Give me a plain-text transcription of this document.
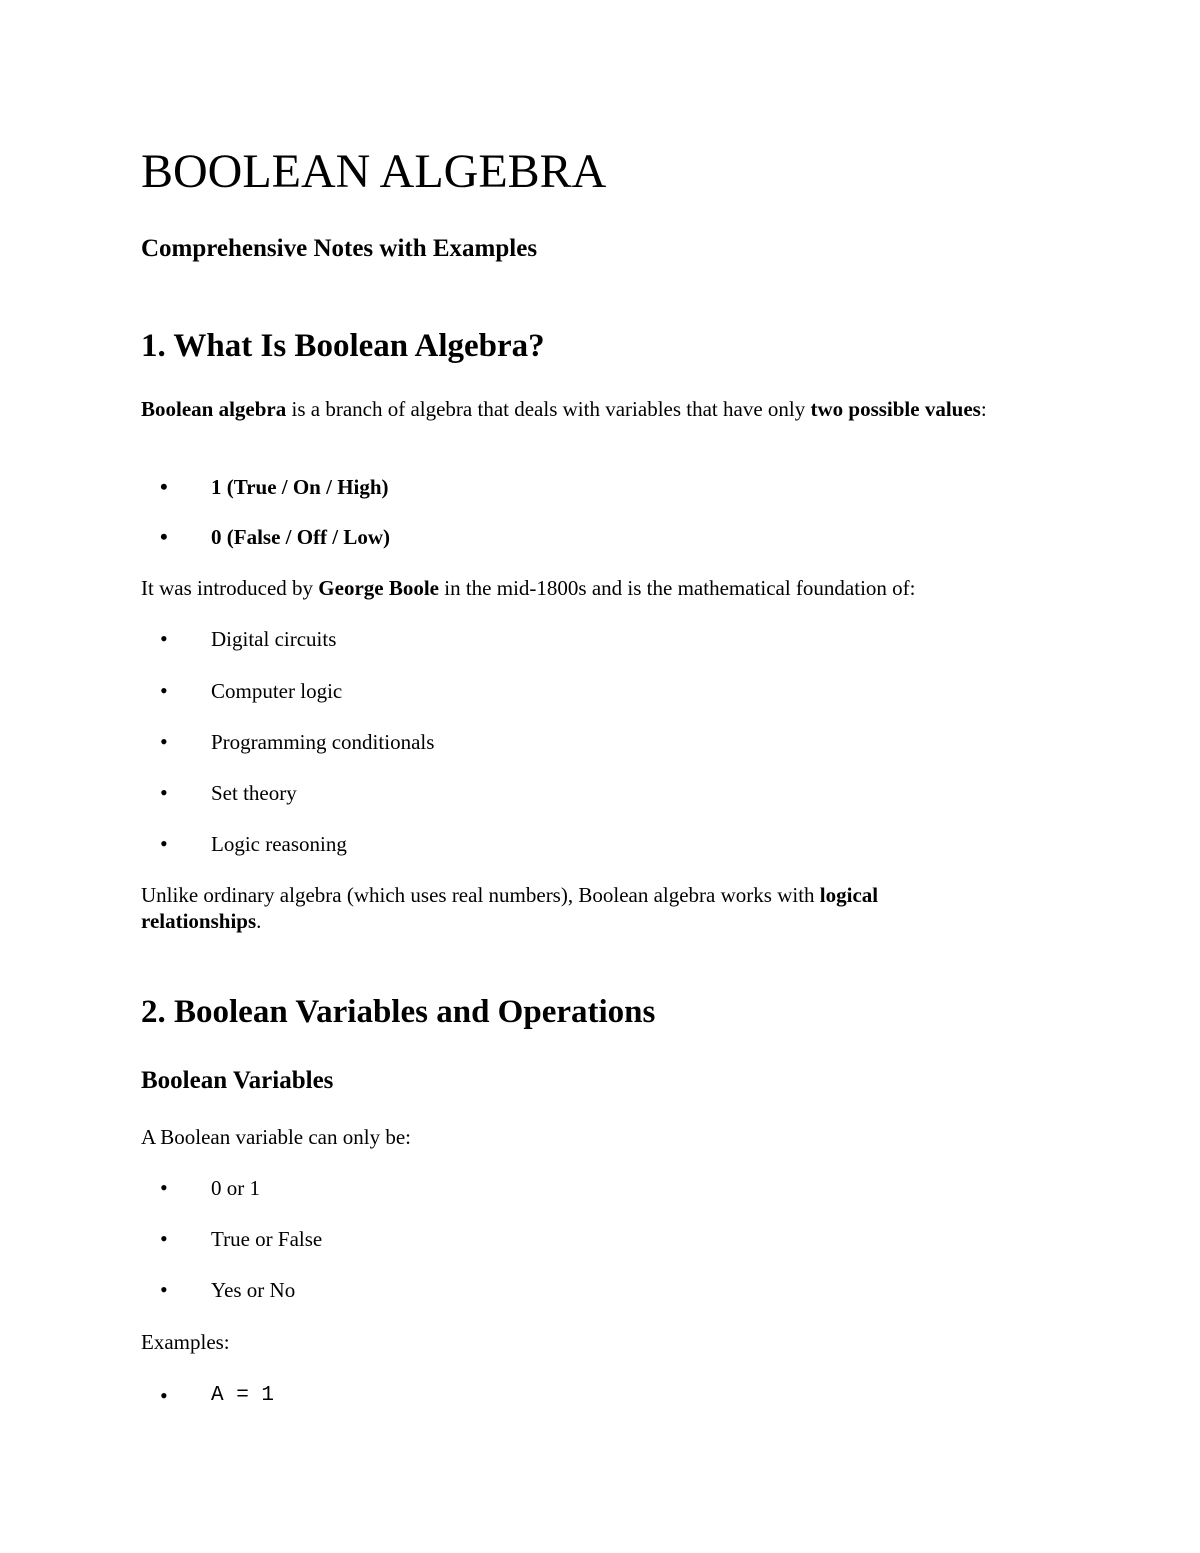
BOOLEAN ALGEBRA
Comprehensive Notes with Examples
1. What Is Boolean Algebra?

Boolean algebra is a branch of algebra that deals with variables that have only two possible values:

•	1 (True / On / High)
•	0 (False / Off / Low)

It was introduced by George Boole in the mid-1800s and is the mathematical foundation of:

•	Digital circuits
•	Computer logic
•	Programming conditionals
•	Set theory
•	Logic reasoning

Unlike ordinary algebra (which uses real numbers), Boolean algebra works with logical relationships.

2. Boolean Variables and Operations
Boolean Variables

A Boolean variable can only be:

•	0 or 1
•	True or False
•	Yes or No

Examples:

•	A = 1
